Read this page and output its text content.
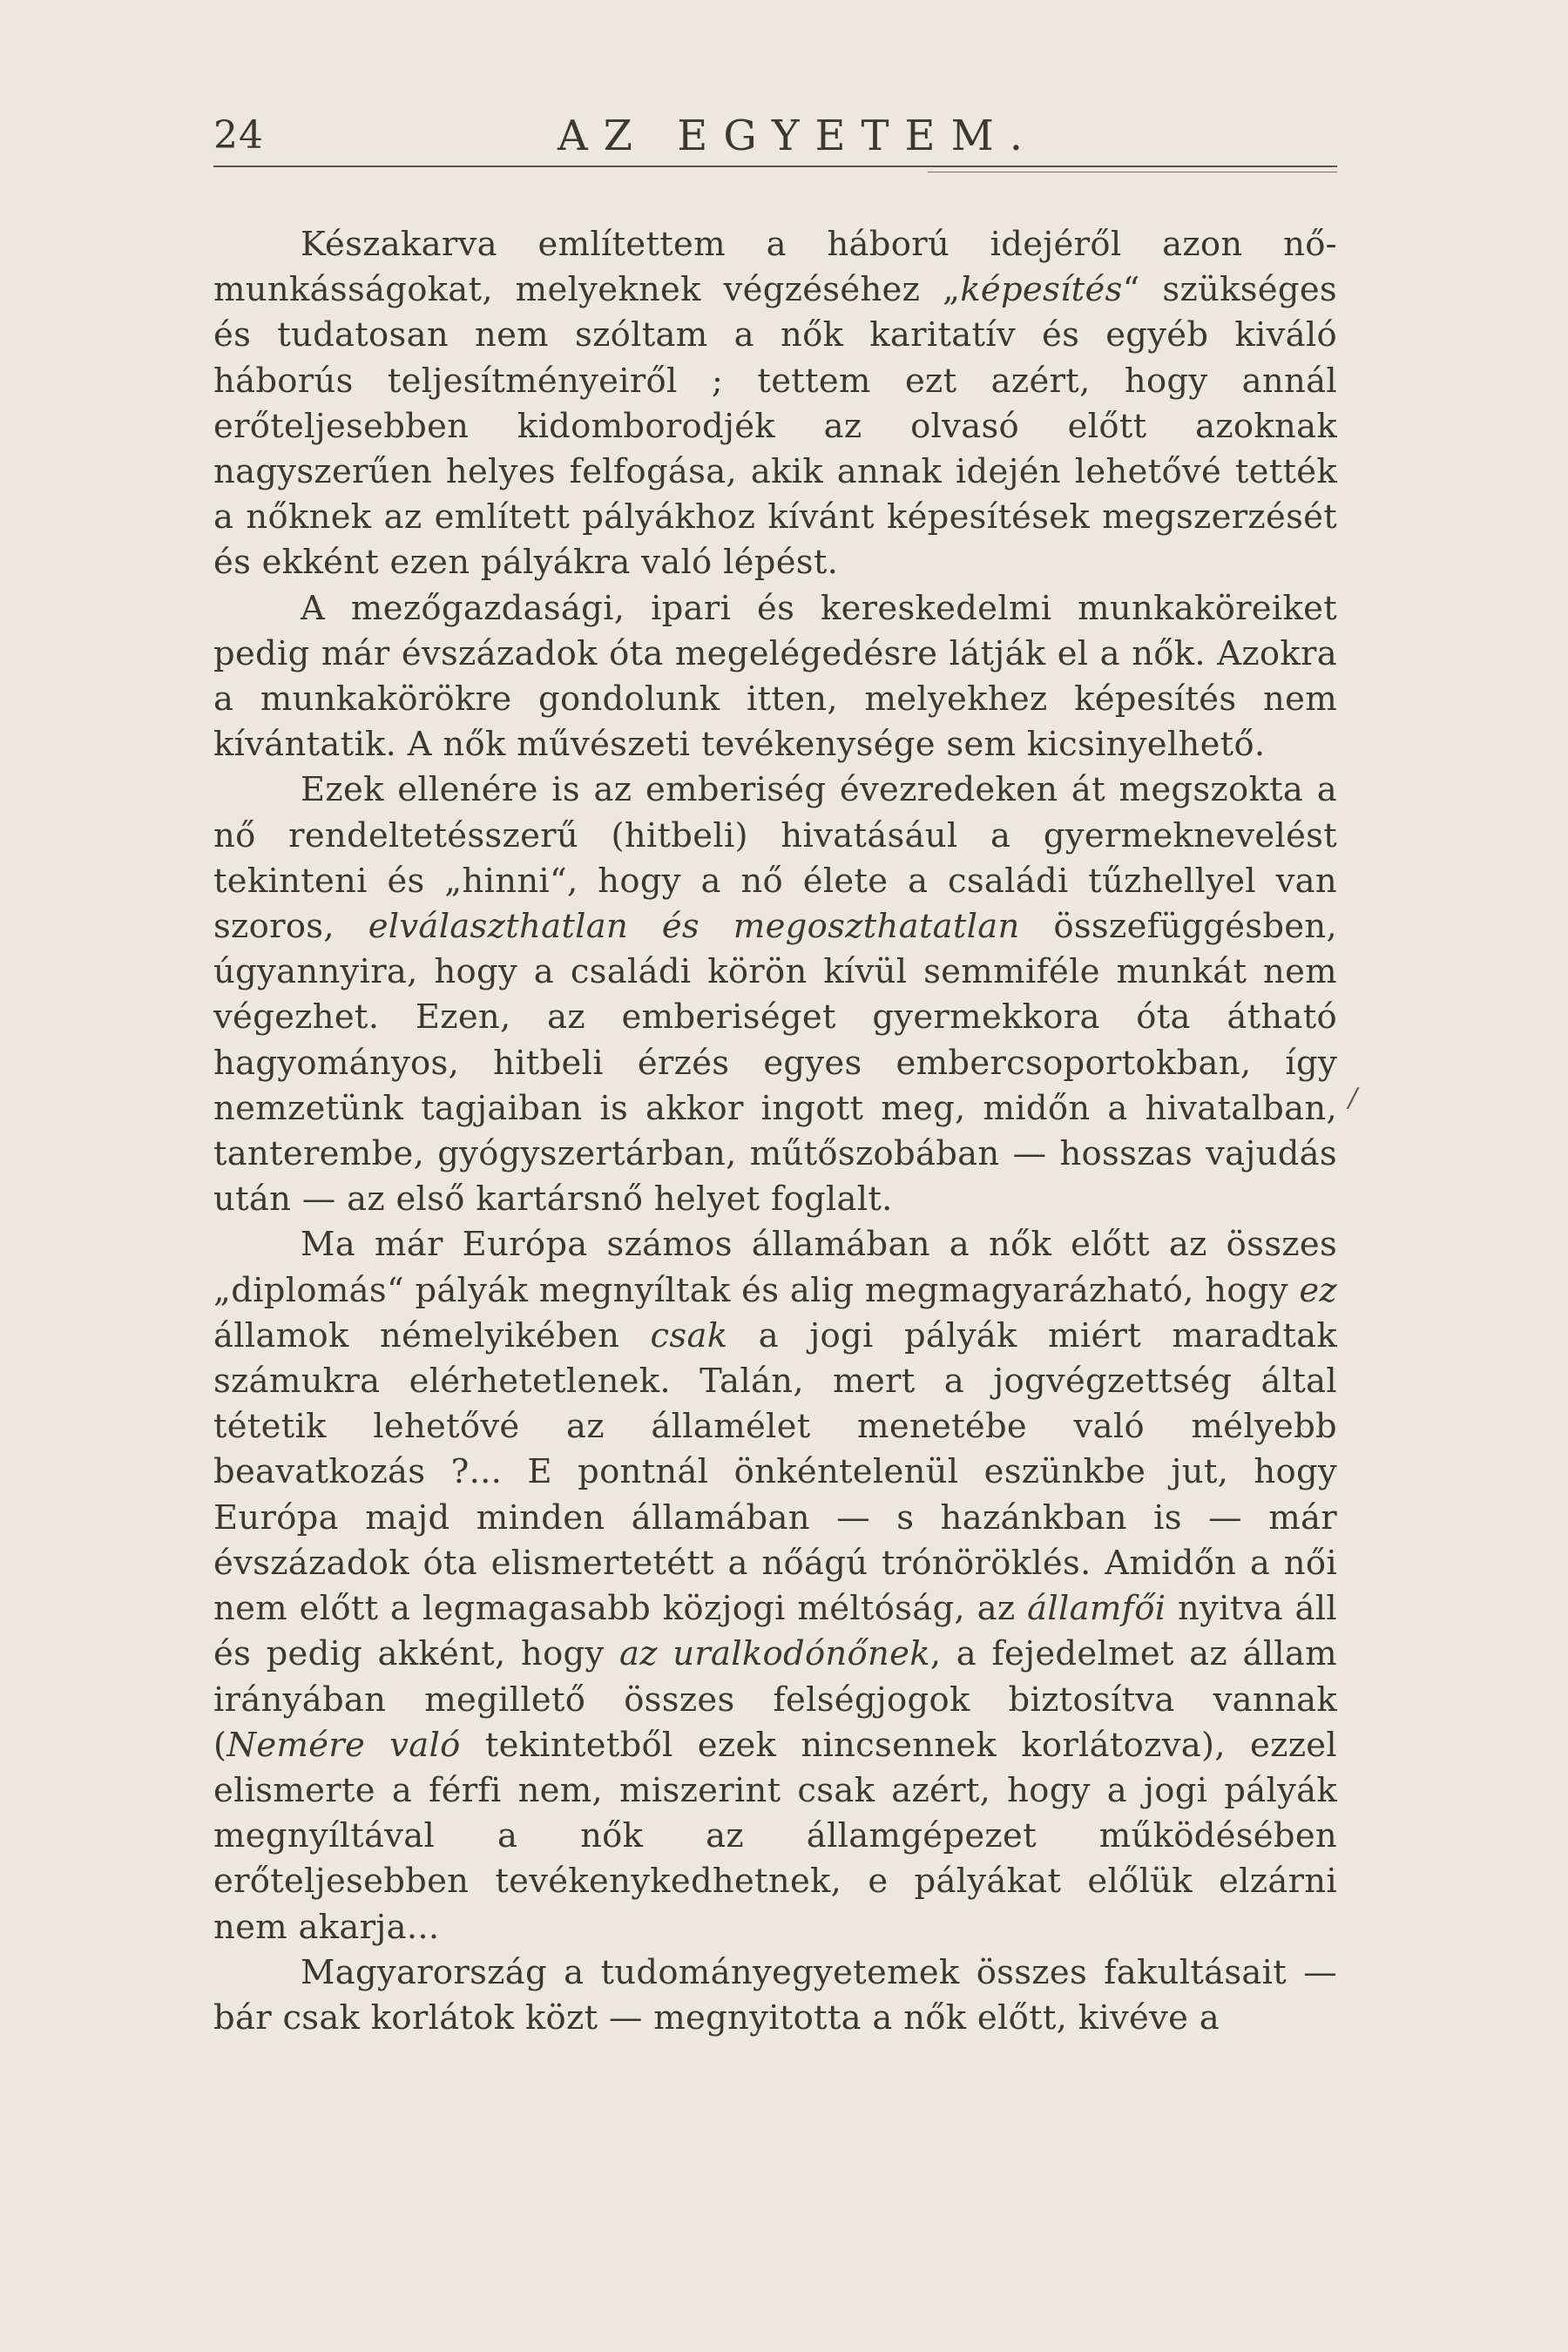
24	AZ EGYETEM.

Készakarva említettem a háború idejéről azon nő-munkásságokat, melyeknek végzéséhez „képesítés“ szükséges és tudatosan nem szóltam a nők karitatív és egyéb kiváló háborús teljesítményeiről ; tettem ezt azért, hogy annál erőteljesebben kidomborodjék az olvasó előtt azoknak nagyszerűen helyes felfogása, akik annak idején lehetővé tették a nőknek az említett pályákhoz kívánt képesítések megszerzését és ekként ezen pályákra való lépést.

A mezőgazdasági, ipari és kereskedelmi munkaköreiket pedig már évszázadok óta megelégedésre látják el a nők. Azokra a munkakörökre gondolunk itten, melyekhez képesítés nem kívántatik. A nők művészeti tevékenysége sem kicsinyelhető.

Ezek ellenére is az emberiség évezredeken át megszokta a nő rendeltetésszerű (hitbeli) hivatásául a gyermeknevelést tekinteni és „hinni“, hogy a nő élete a családi tűzhellyel van szoros, elválaszthatlan és megoszthatatlan összefüggésben, úgyannyira, hogy a családi körön kívül semmiféle munkát nem végezhet. Ezen, az emberiséget gyermekkora óta átható hagyományos, hitbeli érzés egyes embercsoportokban, így nemzetünk tagjaiban is akkor ingott meg, midőn a hivatalban, tanterembe, gyógyszertárban, műtőszobában — hosszas vajudás után — az első kartársnő helyet foglalt.

Ma már Európa számos államában a nők előtt az összes „diplomás“ pályák megnyíltak és alig megmagyarázható, hogy ez államok némelyikében csak a jogi pályák miért maradtak számukra elérhetetlenek. Talán, mert a jogvégzettség által tétetik lehetővé az államélet menetébe való mélyebb beavatkozás ?... E pontnál önkéntelenül eszünkbe jut, hogy Európa majd minden államában — s hazánkban is — már évszázadok óta elismertetétt a nőágú trónöröklés. Amidőn a női nem előtt a legmagasabb közjogi méltóság, az államfői nyitva áll és pedig akként, hogy az uralkodónőnek, a fejedelmet az állam irányában megillető összes felségjogok biztosítva vannak (Nemére való tekintetből ezek nincsennek korlátozva), ezzel elismerte a férfi nem, miszerint csak azért, hogy a jogi pályák megnyíltával a nők az államgépezet működésében erőteljesebben tevékenykedhetnek, e pályákat előlük elzárni nem akarja...

Magyarország a tudományegyetemek összes fakultásait — bár csak korlátok közt — megnyitotta a nők előtt, kivéve a

/
